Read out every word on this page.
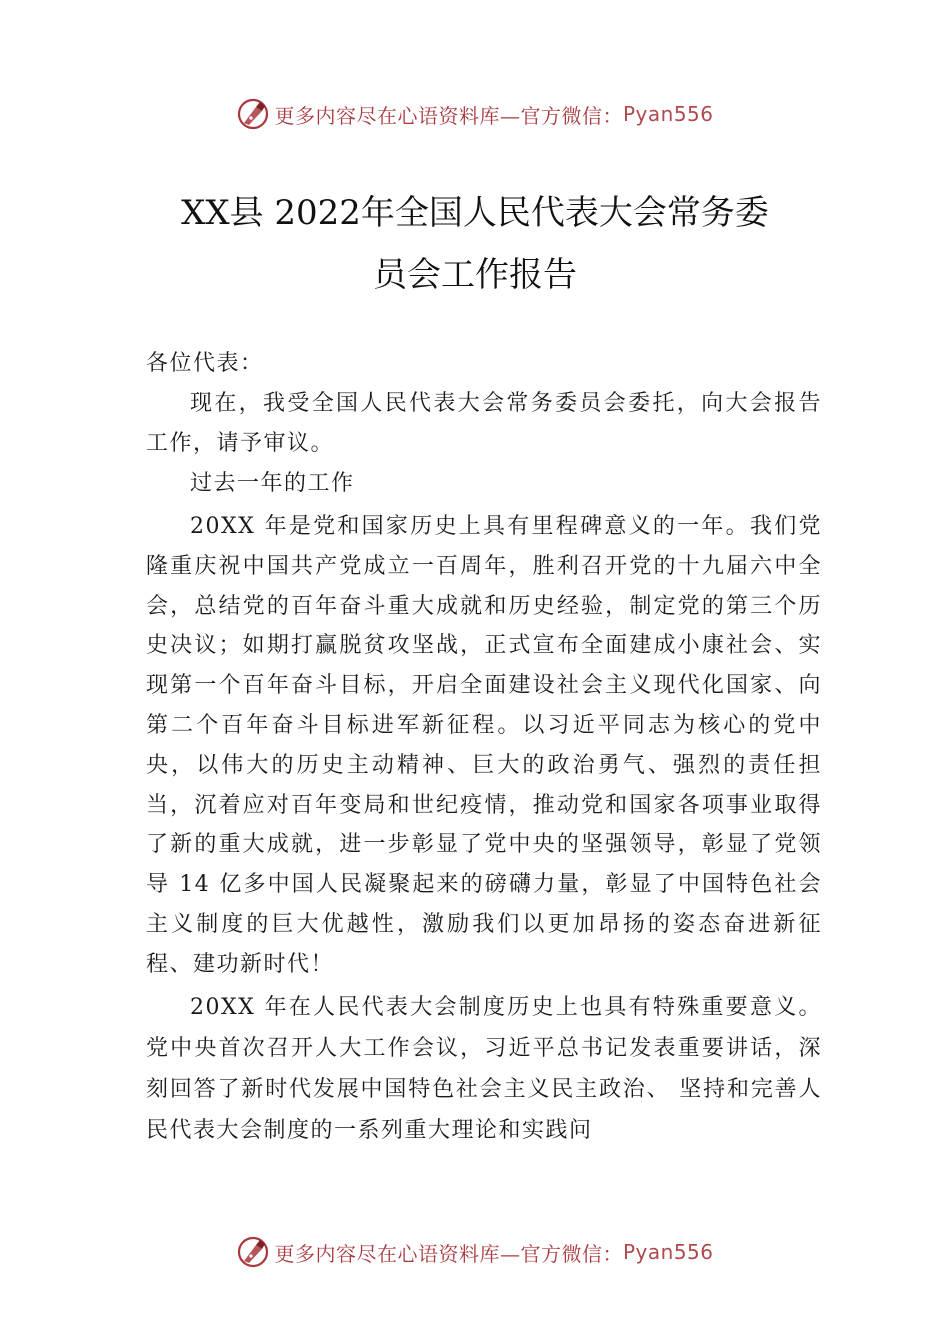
更多内容尽在心语资料库—官方微信： Pyan556
XX县 2022年全国人民代表大会常务委
员会工作报告

各位代表：

现在，我受全国人民代表大会常务委员会委托，向大会报告工作，请予审议。

过去一年的工作

20XX 年是党和国家历史上具有里程碑意义的一年。我们党隆重庆祝中国共产党成立一百周年，胜利召开党的十九届六中全会，总结党的百年奋斗重大成就和历史经验，制定党的第三个历史决议；如期打赢脱贫攻坚战，正式宣布全面建成小康社会、实现第一个百年奋斗目标，开启全面建设社会主义现代化国家、向第二个百年奋斗目标进军新征程。以习近平同志为核心的党中央，以伟大的历史主动精神、巨大的政治勇气、强烈的责任担当，沉着应对百年变局和世纪疫情，推动党和国家各项事业取得了新的重大成就，进一步彰显了党中央的坚强领导，彰显了党领导 14 亿多中国人民凝聚起来的磅礴力量，彰显了中国特色社会主义制度的巨大优越性，激励我们以更加昂扬的姿态奋进新征程、建功新时代！

20XX 年在人民代表大会制度历史上也具有特殊重要意义。党中央首次召开人大工作会议，习近平总书记发表重要讲话，深刻回答了新时代发展中国特色社会主义民主政治、 坚持和完善人民代表大会制度的一系列重大理论和实践问

更多内容尽在心语资料库—官方微信： Pyan556
